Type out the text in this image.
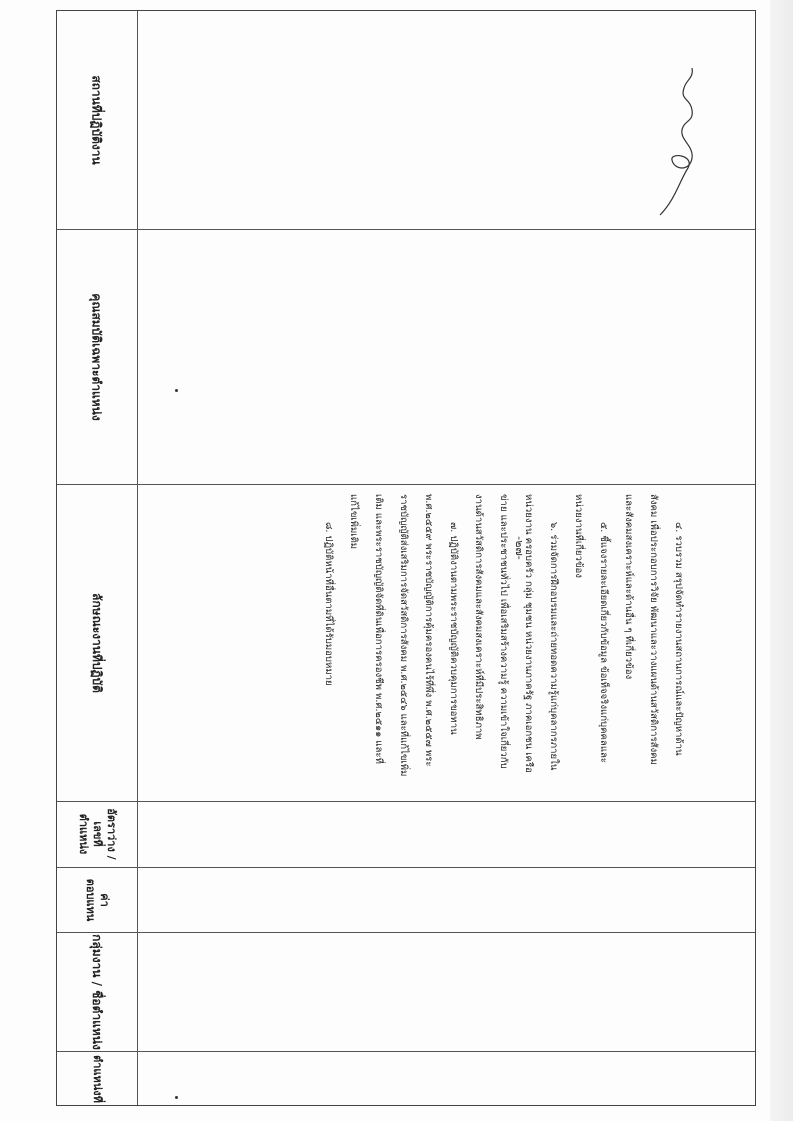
-๒๗-
สถานที่ปฏิบัติงาน
คุณสมบัติเฉพาะตำแหน่ง
ลักษณะงานที่ปฏิบัติ
อัตราว่าง / เลขที่ตำแหน่ง
ค่าตอบแทน
กลุ่มงาน / ชื่อตำแหน่ง
ตำแหน่งที่

๔. รวบรวม สรุปจัดทำรายงานสถานการณ์และปัญหาด้านสังคม เพื่อประกอบการวิจัย พัฒนาและวางแผนด้านสวัสดิการสังคมและสังคมสงเคราะห์และด้านอื่น ๆ ที่เกี่ยวข้อง

๕. ชี้แจงรายละเอียดเกี่ยวกับข้อมูล ข้อเท็จจริงแก่บุคคลและหน่วยงานที่เกี่ยวข้อง

๖. ร่วมจัดการฝึกอบรมและถ่ายทอดความรู้แก่บุคลากรภายในหน่วยงาน ครอบครัว กลุ่ม ชุมชน หน่วยงานภาครัฐ ภาคเอกชน เครือข่าย และประชาชนทั่วไป เพื่อเสริมสร้างความรู้ ความเข้าใจเกี่ยวกับงานด้านสวัสดิการสังคมและสังคมสงเคราะห์ที่มีประสิทธิภาพ

๗. ปฏิบัติงานตามพระราชบัญญัติควบคุมการขอทาน พ.ศ.๒๕๕๙ พระราชบัญญัติการคุ้มครองคนไร้ที่พึ่ง พ.ศ.๒๕๕๗ พระราชบัญญัติส่งเสริมการจัดสวัสดิการสังคม พ.ศ.๒๕๔๖ และที่แก้ไขเพิ่มเติม และพระราชบัญญัติจัดที่ดินเพื่อการครองชีพ พ.ศ.๒๕๑๑ และที่แก้ไขเพิ่มเติม

๘. ปฏิบัติหน้าที่อื่นตามที่ได้รับมอบหมาย
